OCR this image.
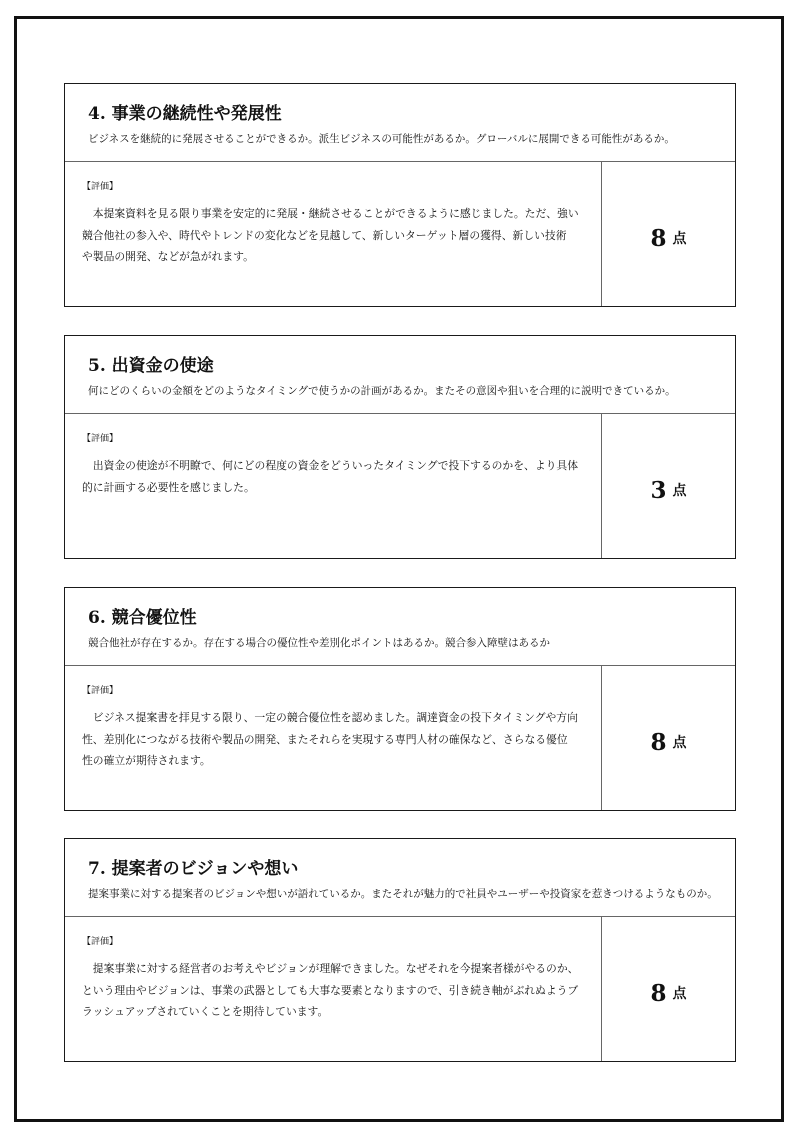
4. 事業の継続性や発展性
ビジネスを継続的に発展させることができるか。派生ビジネスの可能性があるか。グローバルに展開できる可能性があるか。
【評価】
　本提案資料を見る限り事業を安定的に発展・継続させることができるように感じました。ただ、強い
競合他社の参入や、時代やトレンドの変化などを見越して、新しいターゲット層の獲得、新しい技術
や製品の開発、などが急がれます。
8 点
5. 出資金の使途
何にどのくらいの金額をどのようなタイミングで使うかの計画があるか。またその意図や狙いを合理的に説明できているか。
【評価】
　出資金の使途が不明瞭で、何にどの程度の資金をどういったタイミングで投下するのかを、より具体
的に計画する必要性を感じました。	3 点
6. 競合優位性
競合他社が存在するか。存在する場合の優位性や差別化ポイントはあるか。競合参入障壁はあるか
【評価】
　ビジネス提案書を拝見する限り、一定の競合優位性を認めました。調達資金の投下タイミングや方向
性、差別化につながる技術や製品の開発、またそれらを実現する専門人材の確保など、さらなる優位
性の確立が期待されます。
8 点
7. 提案者のビジョンや想い
提案事業に対する提案者のビジョンや想いが語れているか。またそれが魅力的で社員やユーザーや投資家を惹きつけるようなものか。
【評価】
　提案事業に対する経営者のお考えやビジョンが理解できました。なぜそれを今提案者様がやるのか、
という理由やビジョンは、事業の武器としても大事な要素となりますので、引き続き軸がぶれぬようブ
ラッシュアップされていくことを期待しています。
8 点
